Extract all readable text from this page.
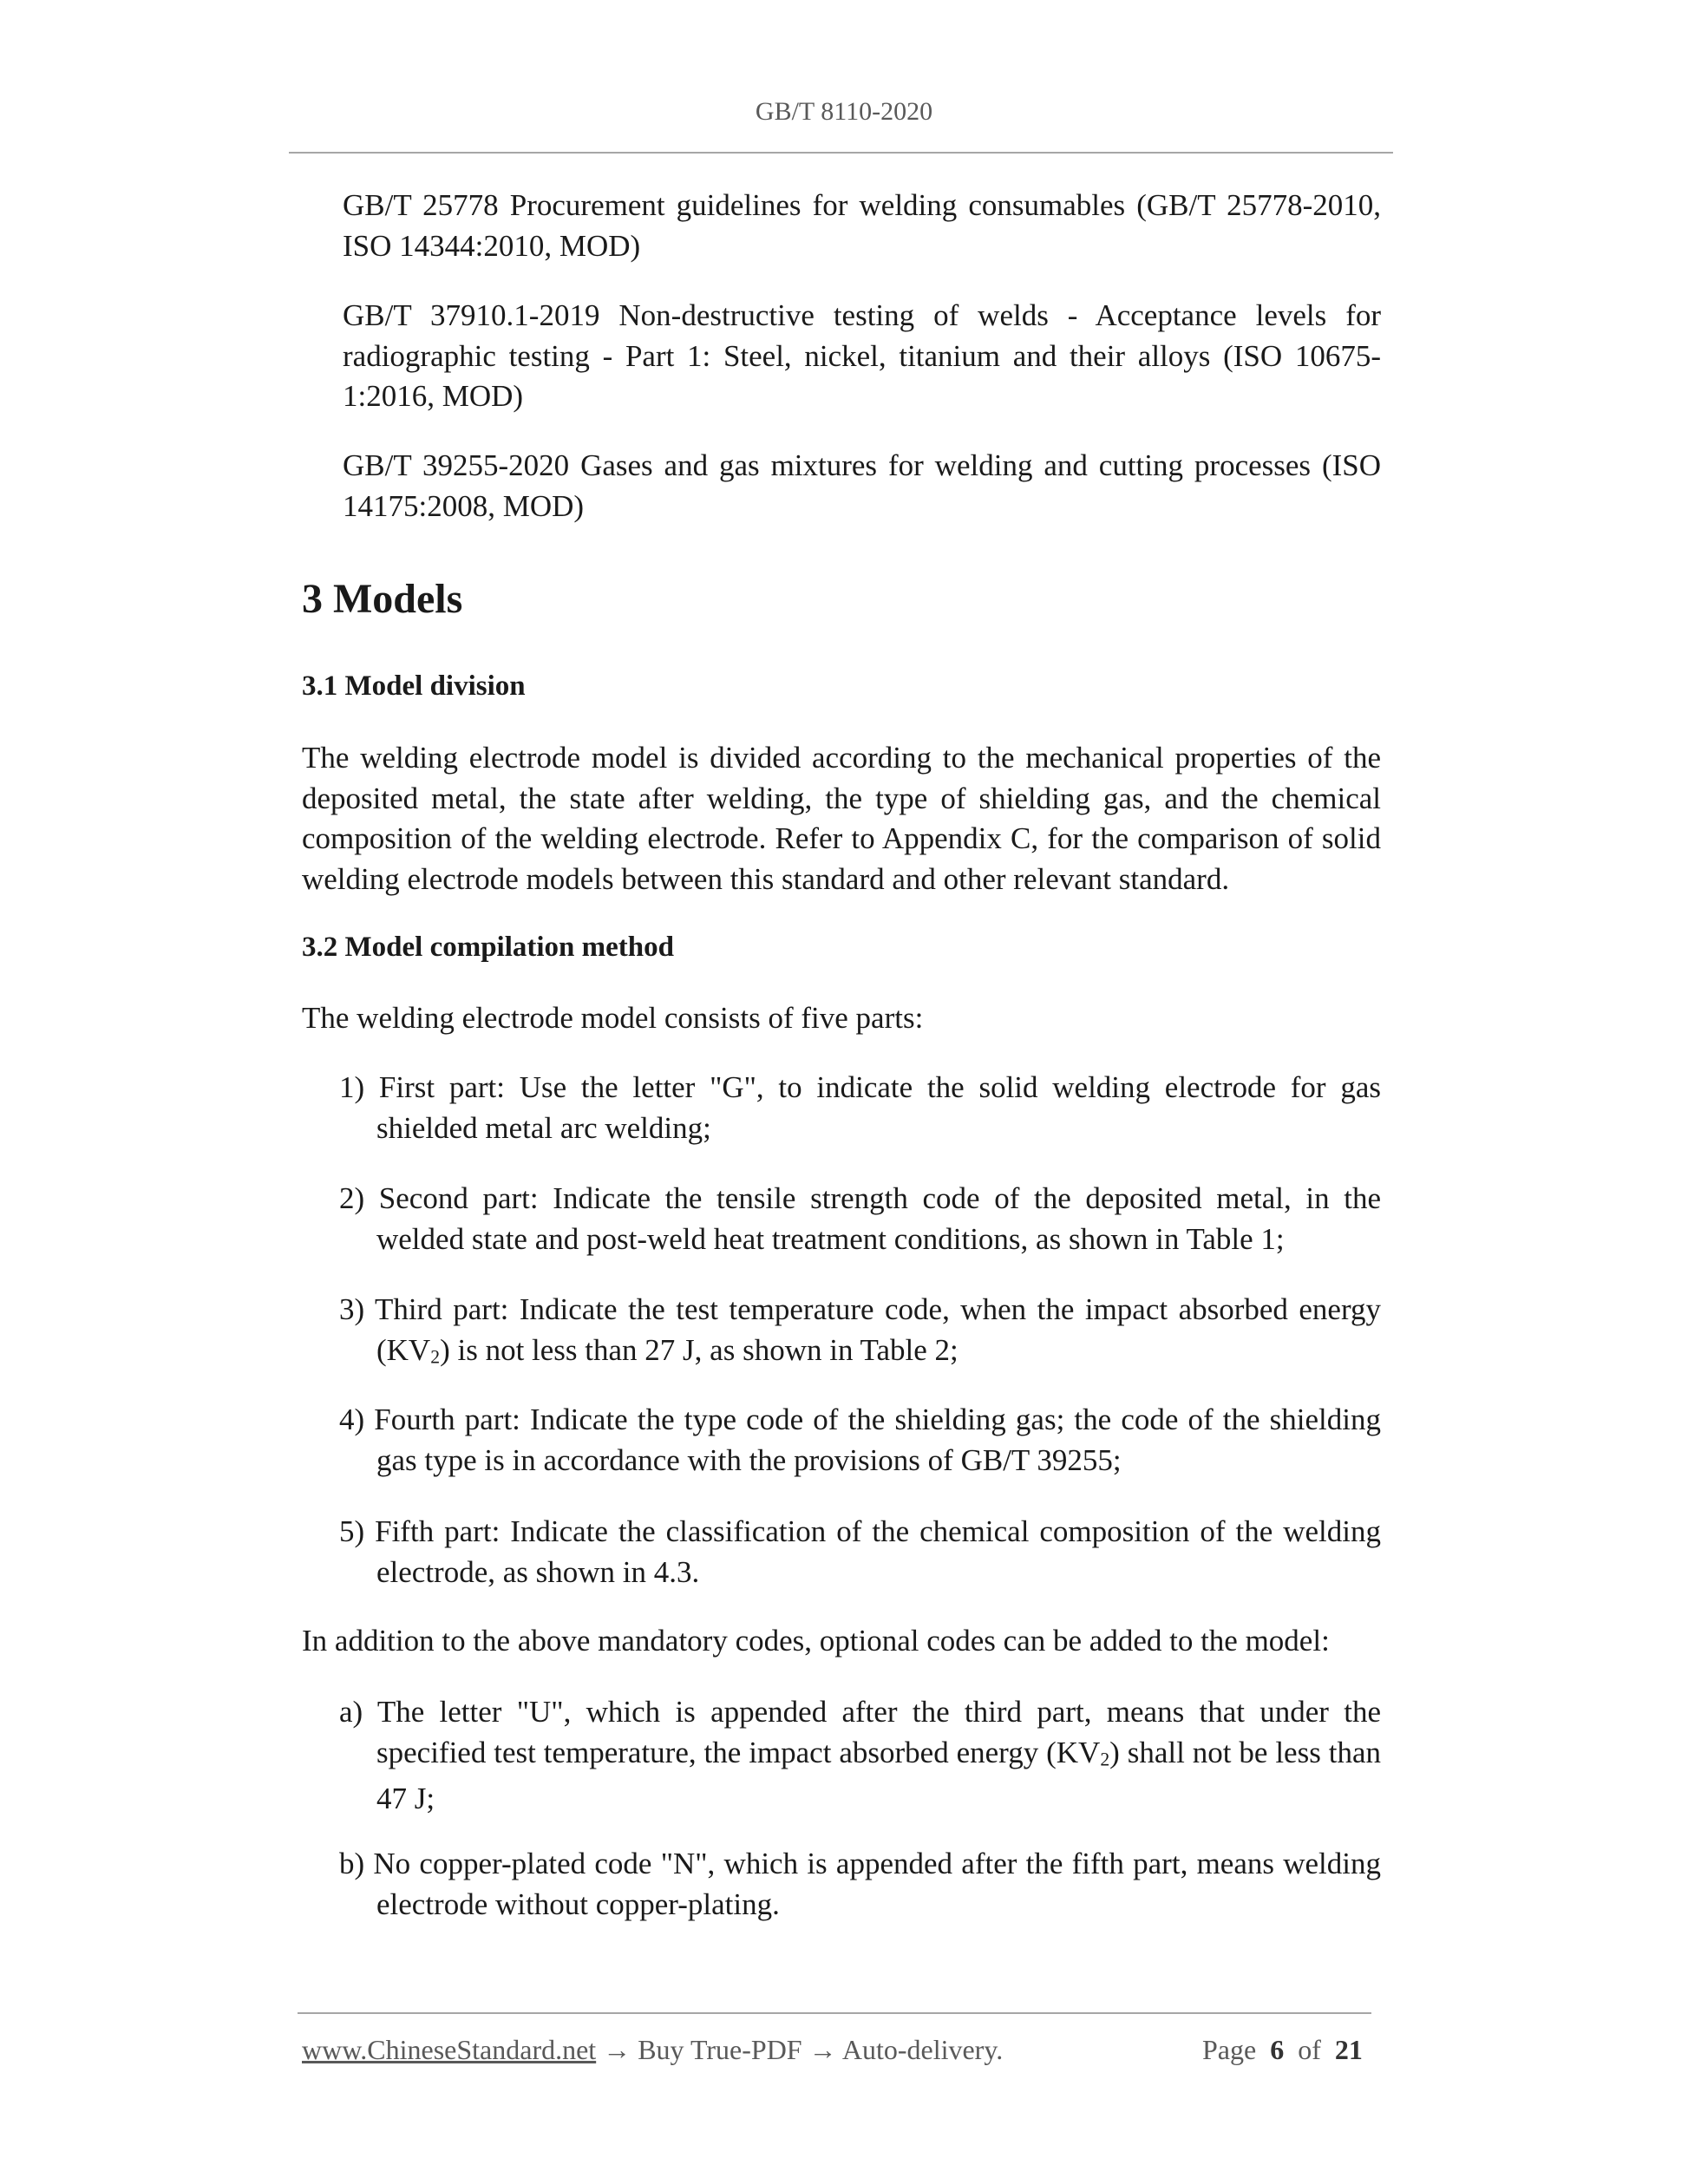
GB/T 8110-2020

GB/T 25778 Procurement guidelines for welding consumables (GB/T 25778-2010, ISO 14344:2010, MOD)

GB/T 37910.1-2019 Non-destructive testing of welds - Acceptance levels for radiographic testing - Part 1: Steel, nickel, titanium and their alloys (ISO 10675-1:2016, MOD)

GB/T 39255-2020 Gases and gas mixtures for welding and cutting processes (ISO 14175:2008, MOD)

3 Models
3.1 Model division

The welding electrode model is divided according to the mechanical properties of the deposited metal, the state after welding, the type of shielding gas, and the chemical composition of the welding electrode. Refer to Appendix C, for the comparison of solid welding electrode models between this standard and other relevant standard.

3.2 Model compilation method

The welding electrode model consists of five parts:

1) First part: Use the letter "G", to indicate the solid welding electrode for gas shielded metal arc welding;

2) Second part: Indicate the tensile strength code of the deposited metal, in the welded state and post-weld heat treatment conditions, as shown in Table 1;

3) Third part: Indicate the test temperature code, when the impact absorbed energy $(KV_2)$ is not less than 27 J, as shown in Table 2;

4) Fourth part: Indicate the type code of the shielding gas; the code of the shielding gas type is in accordance with the provisions of GB/T 39255;

5) Fifth part: Indicate the classification of the chemical composition of the welding electrode, as shown in 4.3.

In addition to the above mandatory codes, optional codes can be added to the model:

a) The letter "U", which is appended after the third part, means that under the specified test temperature, the impact absorbed energy $(KV_2)$ shall not be less than 47 J;

b) No copper-plated code "N", which is appended after the fifth part, means welding electrode without copper-plating.

www.ChineseStandard.net → Buy True-PDF → Auto-delivery.	Page 6 of 21
